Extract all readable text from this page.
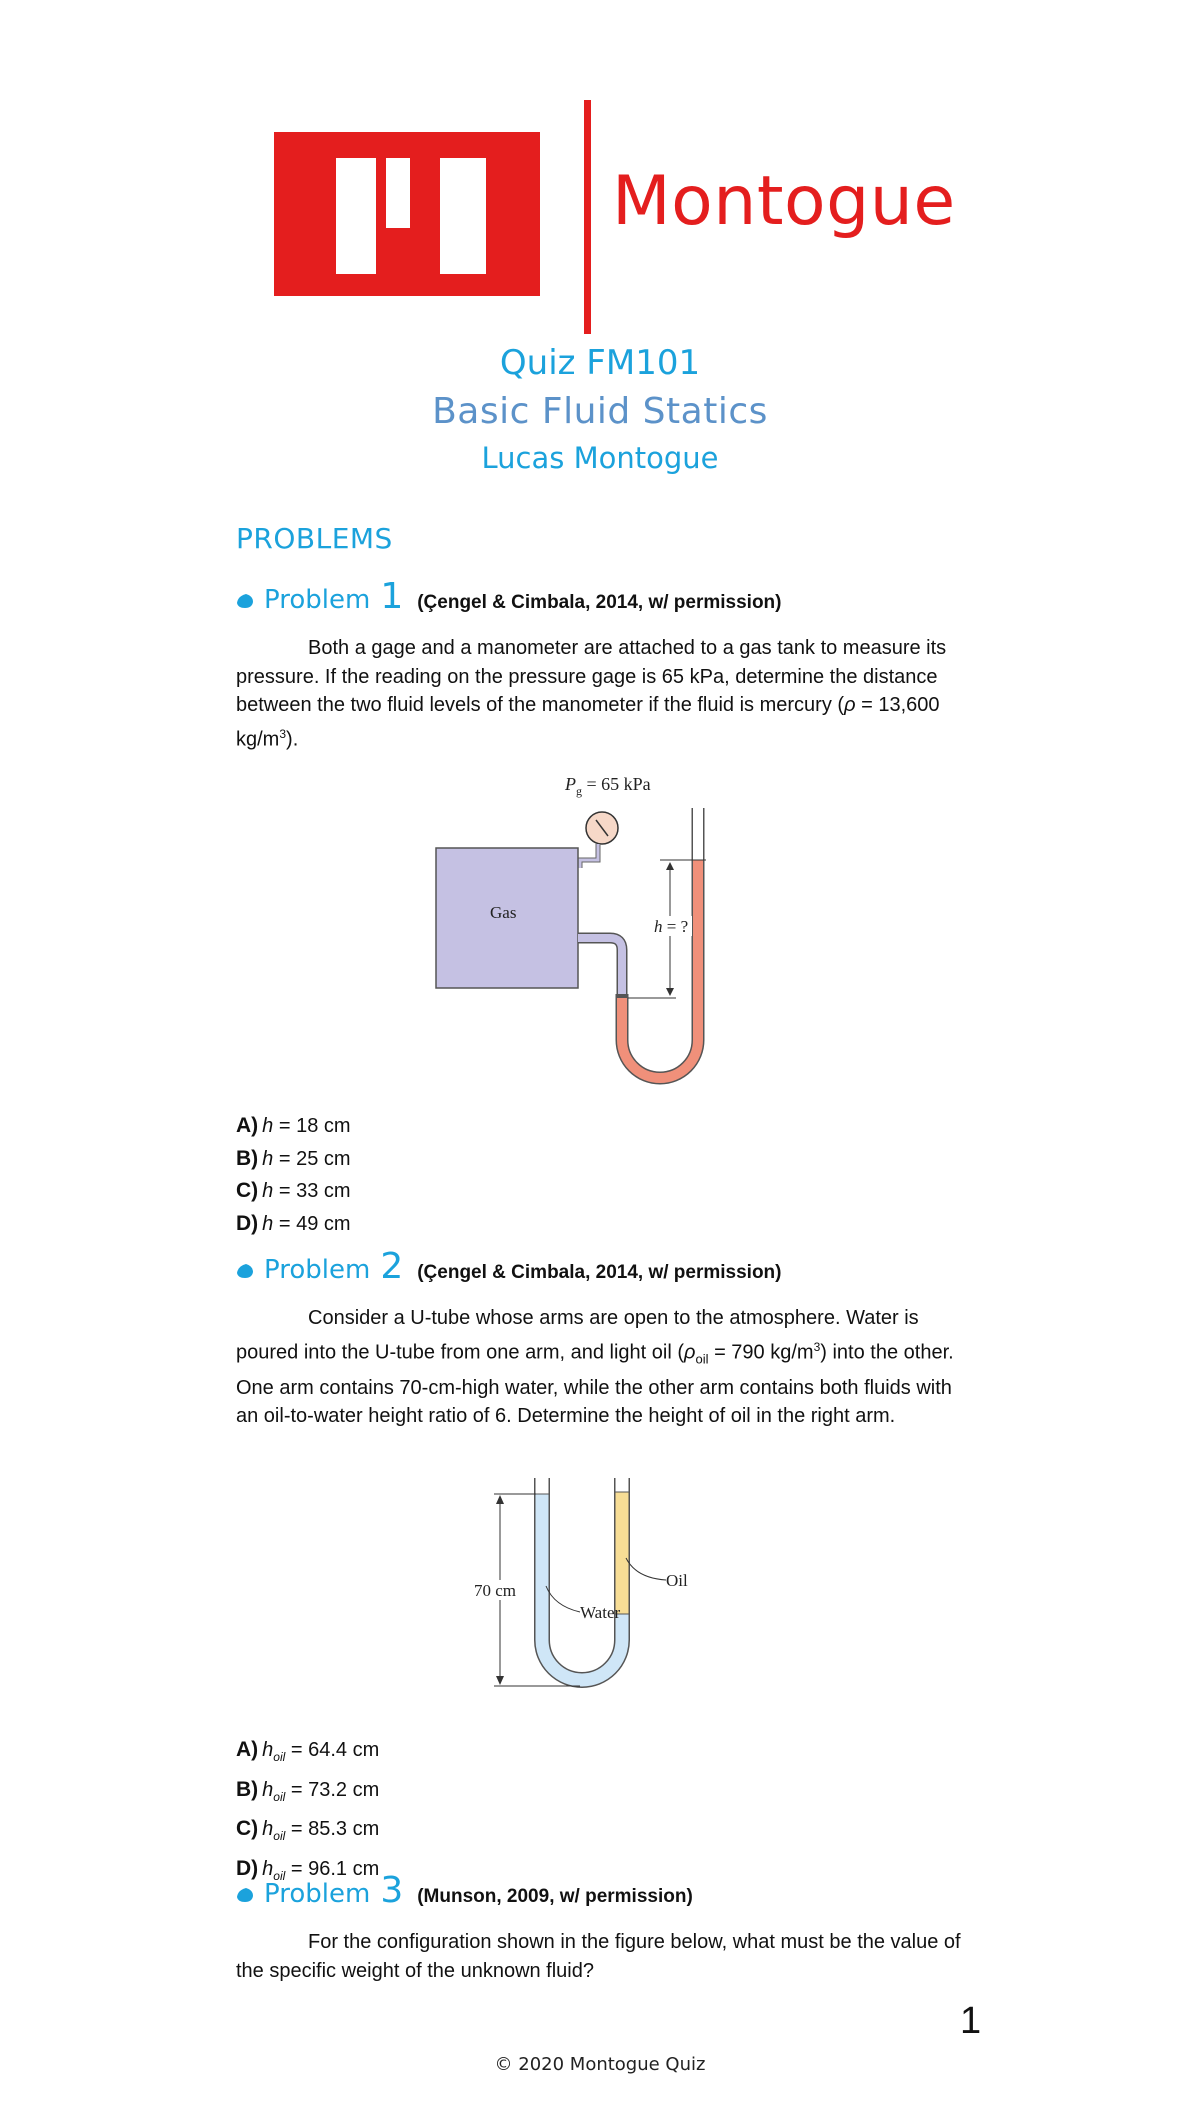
Montogue
Quiz FM101
Basic Fluid Statics
Lucas Montogue
PROBLEMS
Problem 1 (Çengel & Cimbala, 2014, w/ permission)
Both a gage and a manometer are attached to a gas tank to measure its pressure. If the reading on the pressure gage is 65 kPa, determine the distance between the two fluid levels of the manometer if the fluid is mercury (ρ = 13,600 $kg/m^3$).
$P_g = 65$ kPa
Gas
h = ?
A) h = 18 cm
B) h = 25 cm
C) h = 33 cm
D) h = 49 cm
Problem 2 (Çengel & Cimbala, 2014, w/ permission)
Consider a U-tube whose arms are open to the atmosphere. Water is poured into the U-tube from one arm, and light oil ($\rho_{oil} = 790$ $kg/m^3$) into the other. One arm contains 70-cm-high water, while the other arm contains both fluids with an oil-to-water height ratio of 6. Determine the height of oil in the right arm.
70 cm
Water
Oil
A) $h_{oil} = 64.4$ cm
B) $h_{oil} = 73.2$ cm
C) $h_{oil} = 85.3$ cm
D) $h_{oil} = 96.1$ cm
Problem 3 (Munson, 2009, w/ permission)
For the configuration shown in the figure below, what must be the value of the specific weight of the unknown fluid?
1
© 2020 Montogue Quiz
